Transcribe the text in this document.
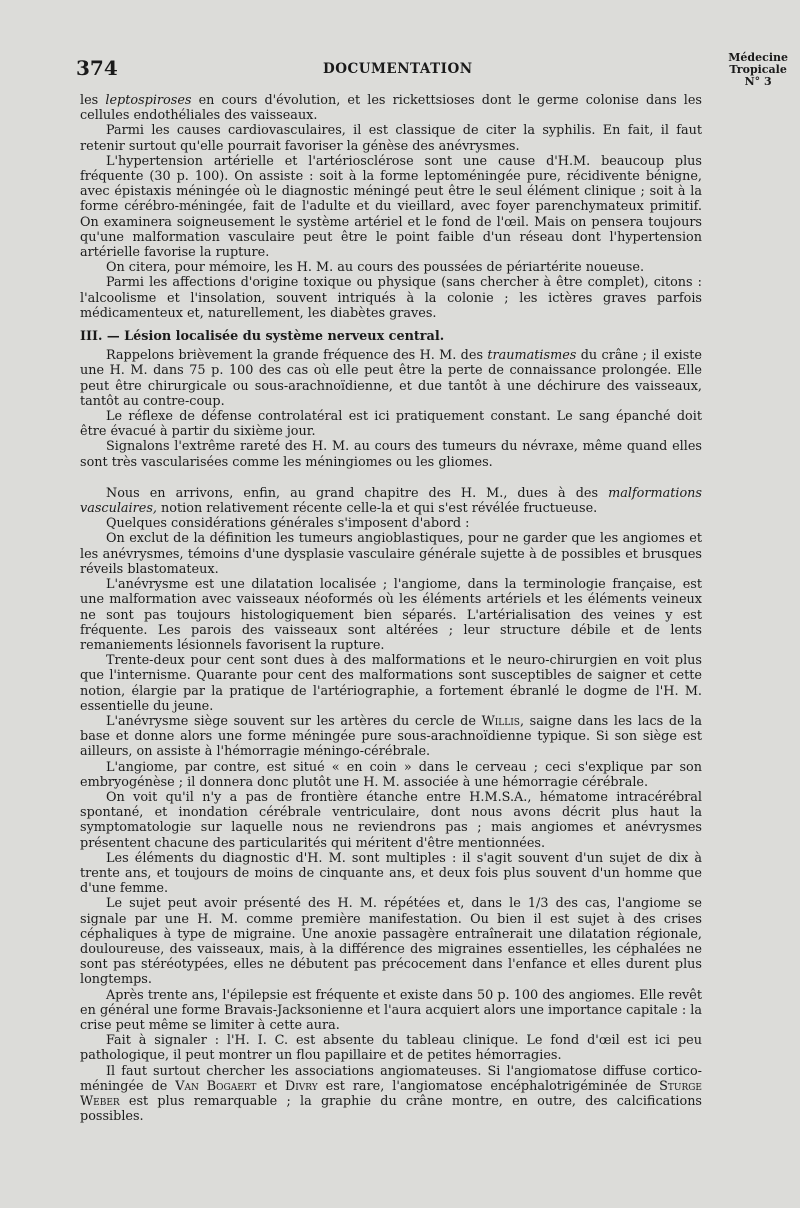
374	DOCUMENTATION
Médecine
Tropicale
N° 3

les leptospiroses en cours d'évolution, et les rickettsioses dont le germe colonise dans les cellules endothéliales des vaisseaux.

Parmi les causes cardiovasculaires, il est classique de citer la syphilis. En fait, il faut retenir surtout qu'elle pourrait favoriser la génèse des anévrysmes.

L'hypertension artérielle et l'artériosclérose sont une cause d'H.M. beaucoup plus fréquente (30 p. 100). On assiste : soit à la forme leptoméningée pure, récidivente bénigne, avec épistaxis méningée où le diagnostic méningé peut être le seul élément clinique ; soit à la forme cérébro-méningée, fait de l'adulte et du vieillard, avec foyer parenchymateux primitif. On examinera soigneusement le système artériel et le fond de l'œil. Mais on pensera toujours qu'une malformation vasculaire peut être le point faible d'un réseau dont l'hypertension artérielle favorise la rupture.

On citera, pour mémoire, les H. M. au cours des poussées de périartérite noueuse.

Parmi les affections d'origine toxique ou physique (sans chercher à être complet), citons : l'alcoolisme et l'insolation, souvent intriqués à la colonie ; les ictères graves parfois médicamenteux et, naturellement, les diabètes graves.

III. — Lésion localisée du système nerveux central.

Rappelons brièvement la grande fréquence des H. M. des traumatismes du crâne ; il existe une H. M. dans 75 p. 100 des cas où elle peut être la perte de connaissance prolongée. Elle peut être chirurgicale ou sous-arachnoïdienne, et due tantôt à une déchirure des vaisseaux, tantôt au contre-coup.

Le réflexe de défense controlatéral est ici pratiquement constant. Le sang épanché doit être évacué à partir du sixième jour.

Signalons l'extrême rareté des H. M. au cours des tumeurs du névraxe, même quand elles sont très vascularisées comme les méningiomes ou les gliomes.

Nous en arrivons, enfin, au grand chapitre des H. M., dues à des malformations vasculaires, notion relativement récente celle-la et qui s'est révélée fructueuse.

Quelques considérations générales s'imposent d'abord :

On exclut de la définition les tumeurs angioblastiques, pour ne garder que les angiomes et les anévrysmes, témoins d'une dysplasie vasculaire générale sujette à de possibles et brusques réveils blastomateux.

L'anévrysme est une dilatation localisée ; l'angiome, dans la terminologie française, est une malformation avec vaisseaux néoformés où les éléments artériels et les éléments veineux ne sont pas toujours histologiquement bien séparés. L'artérialisation des veines y est fréquente. Les parois des vaisseaux sont altérées ; leur structure débile et de lents remaniements lésionnels favorisent la rupture.

Trente-deux pour cent sont dues à des malformations et le neuro-chirurgien en voit plus que l'internisme. Quarante pour cent des malformations sont susceptibles de saigner et cette notion, élargie par la pratique de l'artériographie, a fortement ébranlé le dogme de l'H. M. essentielle du jeune.

L'anévrysme siège souvent sur les artères du cercle de Willis, saigne dans les lacs de la base et donne alors une forme méningée pure sous-arachnoïdienne typique. Si son siège est ailleurs, on assiste à l'hémorragie méningo-cérébrale.

L'angiome, par contre, est situé « en coin » dans le cerveau ; ceci s'explique par son embryogénèse ; il donnera donc plutôt une H. M. associée à une hémorragie cérébrale.

On voit qu'il n'y a pas de frontière étanche entre H.M.S.A., hématome intracérébral spontané, et inondation cérébrale ventriculaire, dont nous avons décrit plus haut la symptomatologie sur laquelle nous ne reviendrons pas ; mais angiomes et anévrysmes présentent chacune des particularités qui méritent d'être mentionnées.

Les éléments du diagnostic d'H. M. sont multiples : il s'agit souvent d'un sujet de dix à trente ans, et toujours de moins de cinquante ans, et deux fois plus souvent d'un homme que d'une femme.

Le sujet peut avoir présenté des H. M. répétées et, dans le 1/3 des cas, l'angiome se signale par une H. M. comme première manifestation. Ou bien il est sujet à des crises céphaliques à type de migraine. Une anoxie passagère entraînerait une dilatation régionale, douloureuse, des vaisseaux, mais, à la différence des migraines essentielles, les céphalées ne sont pas stéréotypées, elles ne débutent pas précocement dans l'enfance et elles durent plus longtemps.

Après trente ans, l'épilepsie est fréquente et existe dans 50 p. 100 des angiomes. Elle revêt en général une forme Bravais-Jacksonienne et l'aura acquiert alors une importance capitale : la crise peut même se limiter à cette aura.

Fait à signaler : l'H. I. C. est absente du tableau clinique. Le fond d'œil est ici peu pathologique, il peut montrer un flou papillaire et de petites hémorragies.

Il faut surtout chercher les associations angiomateuses. Si l'angiomatose diffuse cortico-méningée de Van Bogaert et Divry est rare, l'angiomatose encéphalotrigéminée de Sturge Weber est plus remarquable ; la graphie du crâne montre, en outre, des calcifications possibles.
